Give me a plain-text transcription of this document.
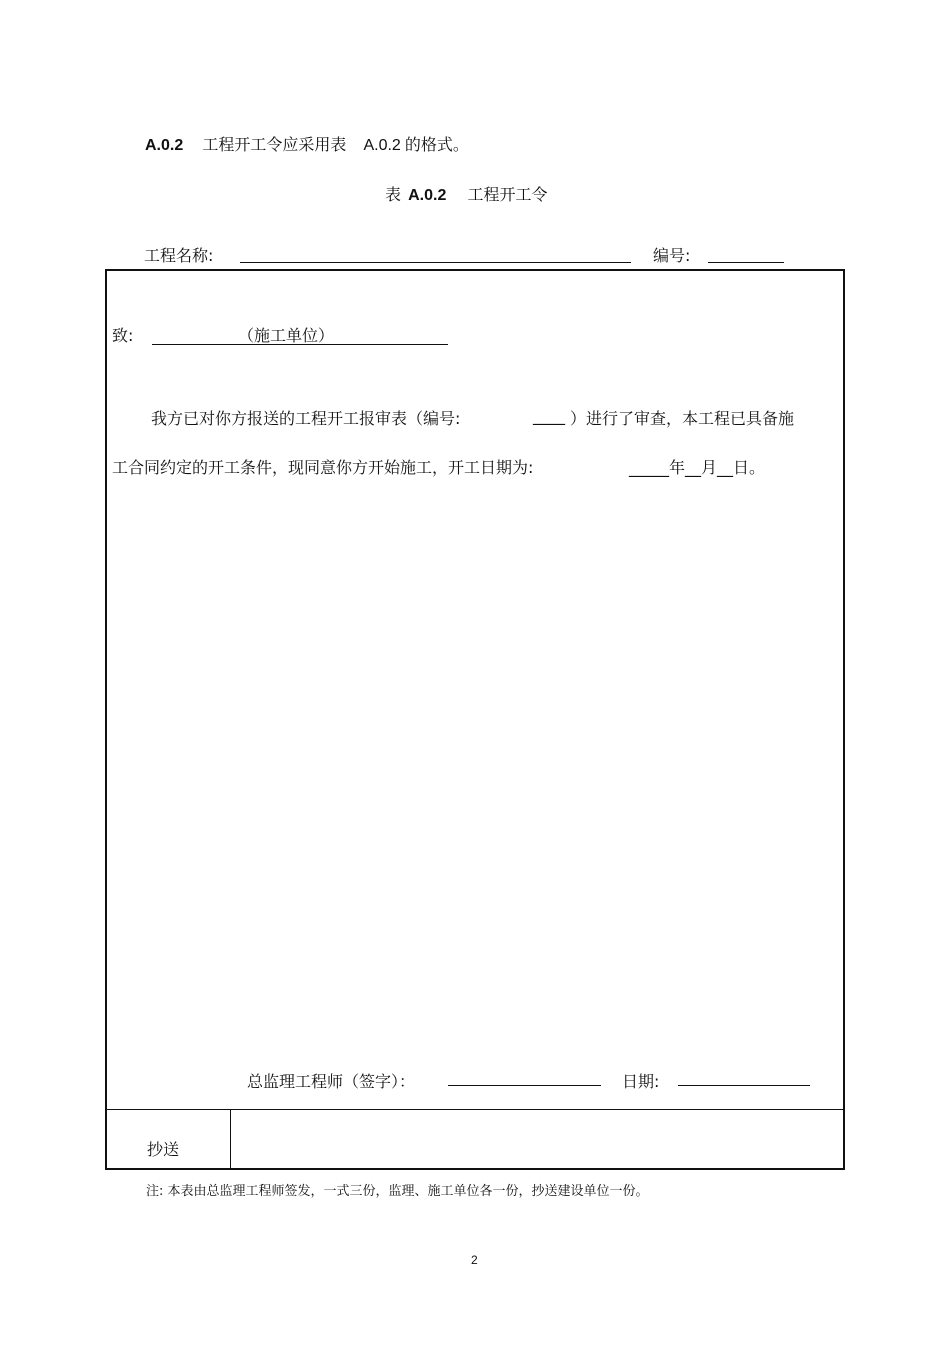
A.0.2 工程开工令应采用表 A.0.2 的格式。
表 A.0.2 工程开工令
工程名称:	编号:
致:	（施工单位）
我方已对你方报送的工程开工报审表（编号:	____ ）进行了审查，本工程已具备施
工合同约定的开工条件，现同意你方开始施工，开工日期为:	_____年__月__日。
总监理工程师（签字）：	日期:
抄送
注: 本表由总监理工程师签发，一式三份，监理、施工单位各一份，抄送建设单位一份。
2
